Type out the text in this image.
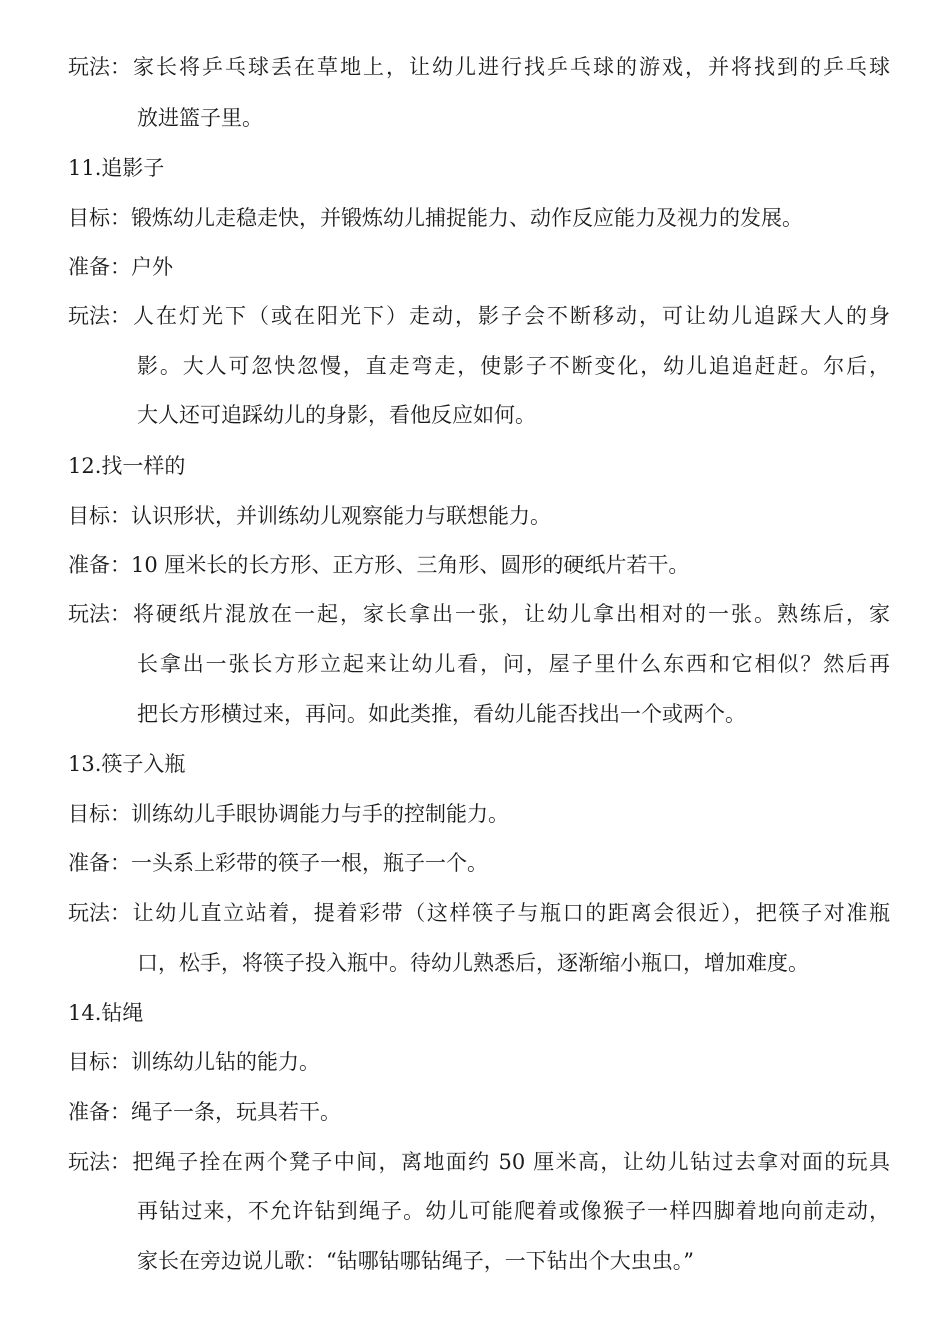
玩法：家长将乒乓球丢在草地上，让幼儿进行找乒乓球的游戏，并将找到的乒乓球
放进篮子里。
11.追影子
目标：锻炼幼儿走稳走快，并锻炼幼儿捕捉能力、动作反应能力及视力的发展。
准备：户外
玩法：人在灯光下（或在阳光下）走动，影子会不断移动，可让幼儿追踩大人的身
影。大人可忽快忽慢，直走弯走，使影子不断变化，幼儿追追赶赶。尔后，
大人还可追踩幼儿的身影，看他反应如何。
12.找一样的
目标：认识形状，并训练幼儿观察能力与联想能力。
准备：10 厘米长的长方形、正方形、三角形、圆形的硬纸片若干。
玩法：将硬纸片混放在一起，家长拿出一张，让幼儿拿出相对的一张。熟练后，家
长拿出一张长方形立起来让幼儿看，问，屋子里什么东西和它相似？然后再
把长方形横过来，再问。如此类推，看幼儿能否找出一个或两个。
13.筷子入瓶
目标：训练幼儿手眼协调能力与手的控制能力。
准备：一头系上彩带的筷子一根，瓶子一个。
玩法：让幼儿直立站着，提着彩带（这样筷子与瓶口的距离会很近），把筷子对准瓶
口，松手，将筷子投入瓶中。待幼儿熟悉后，逐渐缩小瓶口，增加难度。
14.钻绳
目标：训练幼儿钻的能力。
准备：绳子一条，玩具若干。
玩法：把绳子拴在两个凳子中间，离地面约 50 厘米高，让幼儿钻过去拿对面的玩具
再钻过来，不允许钻到绳子。幼儿可能爬着或像猴子一样四脚着地向前走动，
家长在旁边说儿歌：“钻哪钻哪钻绳子，一下钻出个大虫虫。”
